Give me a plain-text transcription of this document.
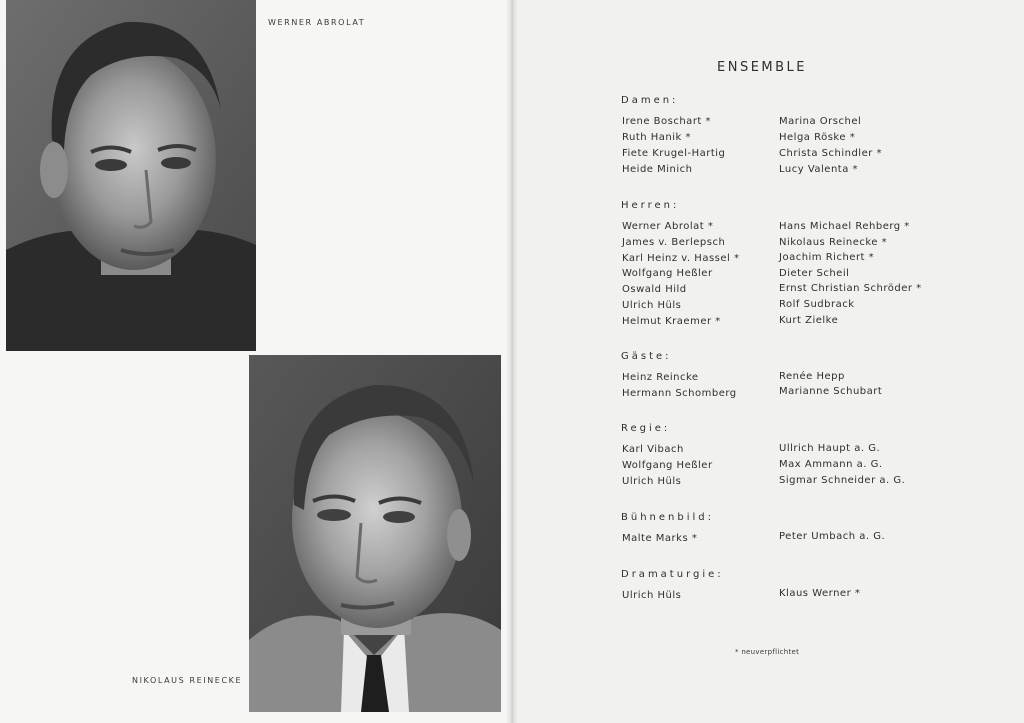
WERNER ABROLAT
NIKOLAUS REINECKE
ENSEMBLE
Damen:
Irene Boschart *
Ruth Hanik *
Fiete Krugel-Hartig
Heide Minich
Marina Orschel
Helga Röske *
Christa Schindler *
Lucy Valenta *
Herren:
Werner Abrolat *
James v. Berlepsch
Karl Heinz v. Hassel *
Wolfgang Heßler
Oswald Hild
Ulrich Hüls
Helmut Kraemer *
Hans Michael Rehberg *
Nikolaus Reinecke *
Joachim Richert *
Dieter Scheil
Ernst Christian Schröder *
Rolf Sudbrack
Kurt Zielke
Gäste:
Heinz Reincke
Hermann Schomberg
Renée Hepp
Marianne Schubart
Regie:
Karl Vibach
Wolfgang Heßler
Ulrich Hüls
Ullrich Haupt a. G.
Max Ammann a. G.
Sigmar Schneider a. G.
Bühnenbild:
Malte Marks *	Peter Umbach a. G.
Dramaturgie:
Ulrich Hüls	Klaus Werner *
* neuverpflichtet
